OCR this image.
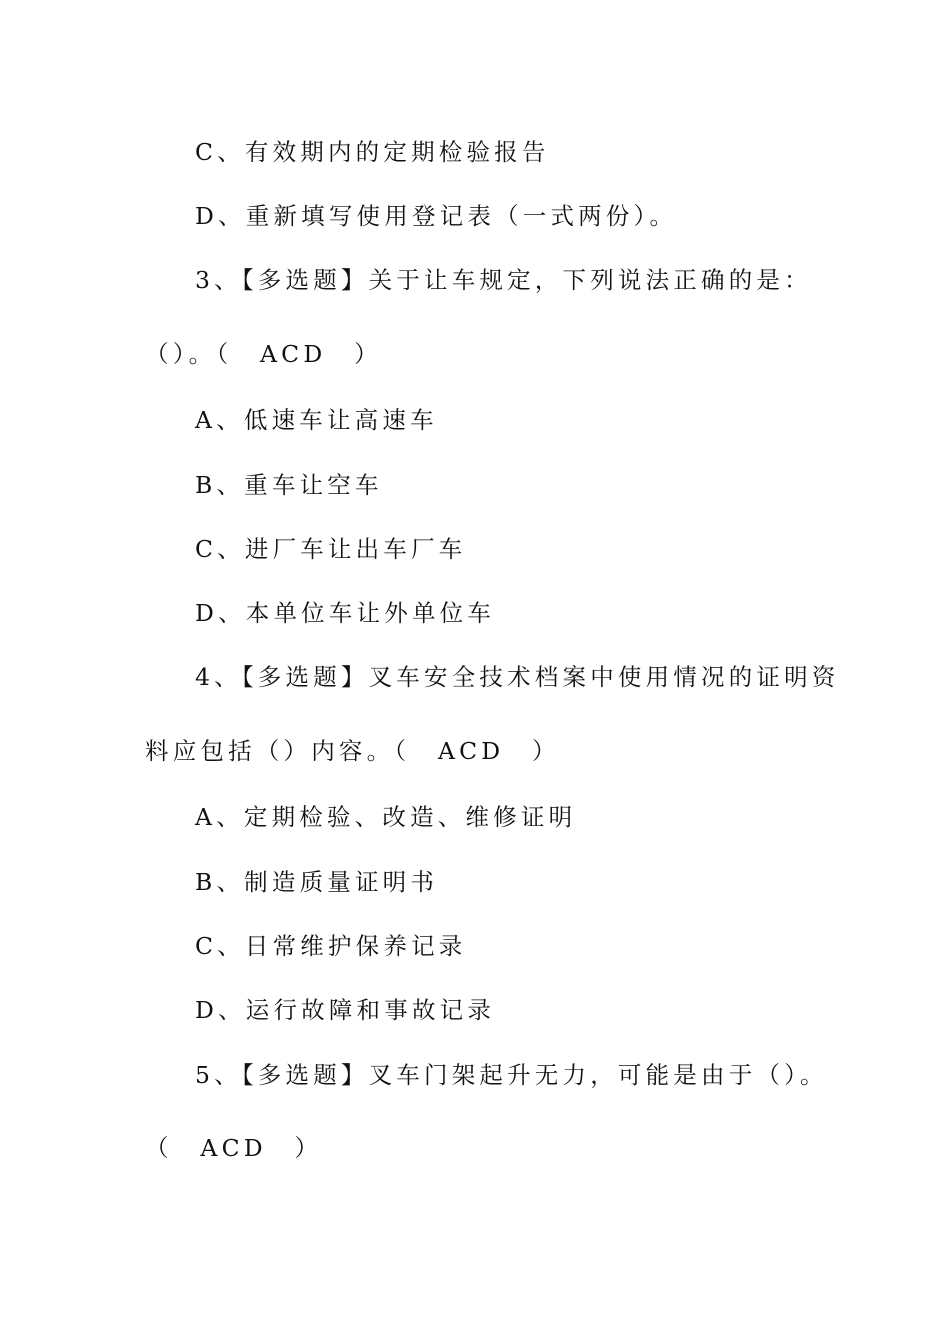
C、有效期内的定期检验报告
D、重新填写使用登记表（一式两份）。
3、【多选题】关于让车规定，下列说法正确的是：
（）。（　ACD　）
A、低速车让高速车
B、重车让空车
C、进厂车让出车厂车
D、本单位车让外单位车
4、【多选题】叉车安全技术档案中使用情况的证明资
料应包括（）内容。（　ACD　）
A、定期检验、改造、维修证明
B、制造质量证明书
C、日常维护保养记录
D、运行故障和事故记录
5、【多选题】叉车门架起升无力，可能是由于（）。
（　ACD　）
